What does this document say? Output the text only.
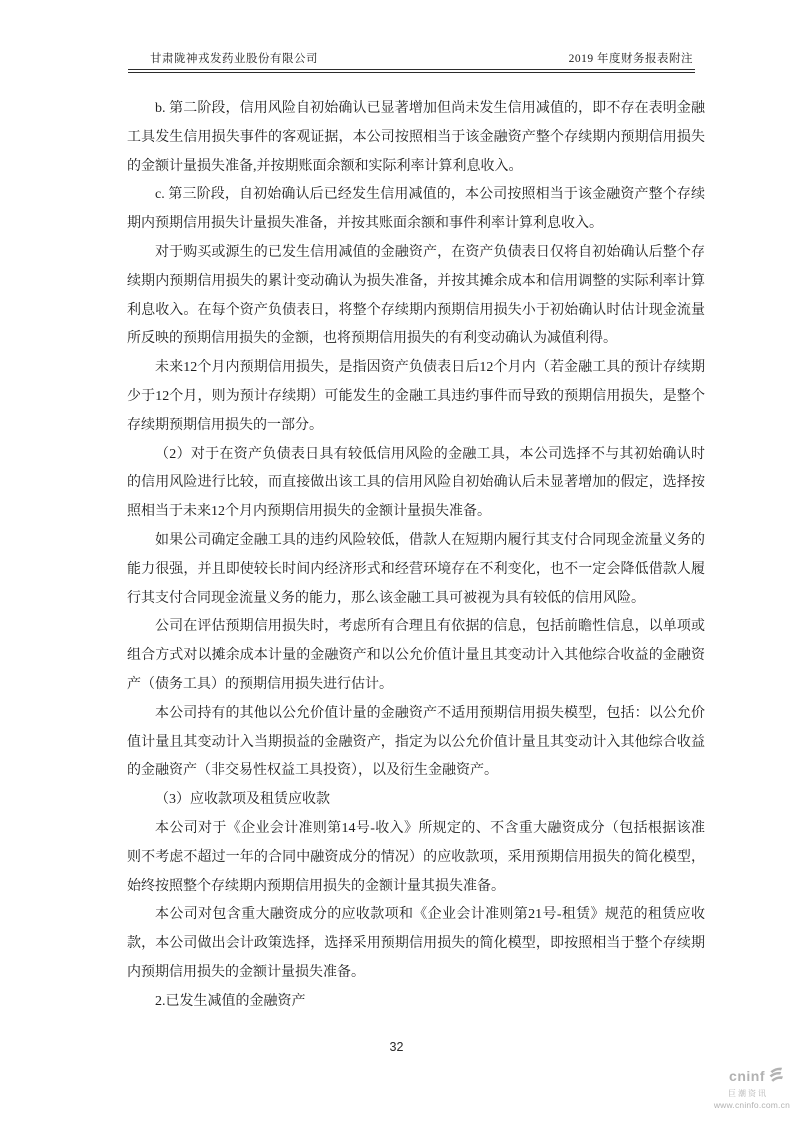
甘肃陇神戎发药业股份有限公司	2019 年度财务报表附注

b. 第二阶段，信用风险自初始确认已显著增加但尚未发生信用减值的，即不存在表明金融工具发生信用损失事件的客观证据，本公司按照相当于该金融资产整个存续期内预期信用损失的金额计量损失准备,并按期账面余额和实际利率计算利息收入。

c. 第三阶段，自初始确认后已经发生信用减值的，本公司按照相当于该金融资产整个存续期内预期信用损失计量损失准备，并按其账面余额和事件利率计算利息收入。

对于购买或源生的已发生信用减值的金融资产，在资产负债表日仅将自初始确认后整个存续期内预期信用损失的累计变动确认为损失准备，并按其摊余成本和信用调整的实际利率计算利息收入。在每个资产负债表日，将整个存续期内预期信用损失小于初始确认时估计现金流量所反映的预期信用损失的金额，也将预期信用损失的有利变动确认为减值利得。

未来12个月内预期信用损失，是指因资产负债表日后12个月内（若金融工具的预计存续期少于12个月，则为预计存续期）可能发生的金融工具违约事件而导致的预期信用损失，是整个存续期预期信用损失的一部分。

（2）对于在资产负债表日具有较低信用风险的金融工具，本公司选择不与其初始确认时的信用风险进行比较，而直接做出该工具的信用风险自初始确认后未显著增加的假定，选择按照相当于未来12个月内预期信用损失的金额计量损失准备。

如果公司确定金融工具的违约风险较低，借款人在短期内履行其支付合同现金流量义务的能力很强，并且即使较长时间内经济形式和经营环境存在不利变化，也不一定会降低借款人履行其支付合同现金流量义务的能力，那么该金融工具可被视为具有较低的信用风险。

公司在评估预期信用损失时，考虑所有合理且有依据的信息，包括前瞻性信息，以单项或组合方式对以摊余成本计量的金融资产和以公允价值计量且其变动计入其他综合收益的金融资产（债务工具）的预期信用损失进行估计。

本公司持有的其他以公允价值计量的金融资产不适用预期信用损失模型，包括：以公允价值计量且其变动计入当期损益的金融资产，指定为以公允价值计量且其变动计入其他综合收益的金融资产（非交易性权益工具投资），以及衍生金融资产。

（3）应收款项及租赁应收款

本公司对于《企业会计准则第14号-收入》所规定的、不含重大融资成分（包括根据该准则不考虑不超过一年的合同中融资成分的情况）的应收款项，采用预期信用损失的简化模型，始终按照整个存续期内预期信用损失的金额计量其损失准备。

本公司对包含重大融资成分的应收款项和《企业会计准则第21号-租赁》规范的租赁应收款，本公司做出会计政策选择，选择采用预期信用损失的简化模型，即按照相当于整个存续期内预期信用损失的金额计量损失准备。

2.已发生减值的金融资产

32
cninf
巨潮资讯
www.cninfo.com.cn
